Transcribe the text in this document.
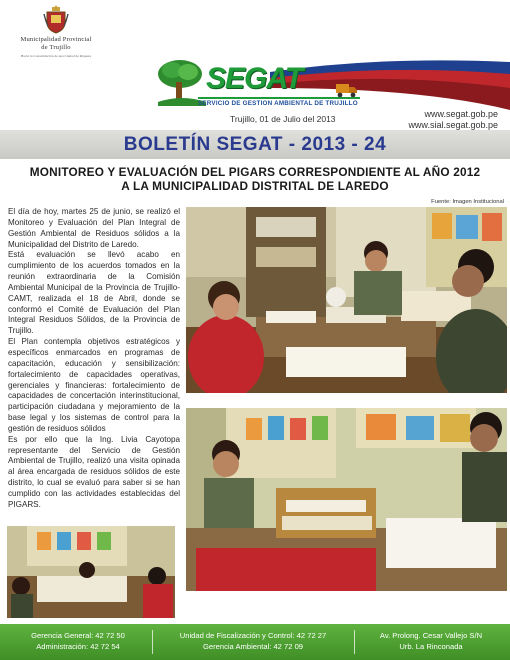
Municipalidad Provincial
de Trujillo
Hacia la Consolidación de una Ciudad de Riqueza
SEGAT
SERVICIO DE GESTION AMBIENTAL DE TRUJILLO
Trujillo, 01 de Julio del 2013	www.segat.gob.pe
www.sial.segat.gob.pe
BOLETÍN SEGAT - 2013 - 24
MONITOREO Y EVALUACIÓN DEL PIGARS CORRESPONDIENTE AL AÑO 2012
A LA MUNICIPALIDAD DISTRITAL DE LAREDO
Fuente: Imagen Institucional

El día de hoy, martes 25 de junio, se realizó el Monitoreo y Evaluación del Plan Integral de Gestión Ambiental de Residuos sólidos a la Municipalidad del Distrito de Laredo.

Está evaluación se llevó acabo en cumplimiento de los acuerdos tomados en la reunión extraordinaria de la Comisión Ambiental Municipal de la Provincia de Trujillo- CAMT, realizada el 18 de Abril, donde se conformó el Comité de Evaluación del Plan Integral Residuos Sólidos, de la Provincia de Trujillo.

El Plan contempla objetivos estratégicos y específicos enmarcados en programas de capacitación, educación y sensibilización: fortalecimiento de capacidades operativas, gerenciales y financieras: fortalecimiento de capacidades de concertación interinstitucional, participación ciudadana y mejoramiento de la base legal y los sistemas de control para la gestión de residuos sólidos

Es por ello que la Ing. Livia Cayotopa representante del Servicio de Gestión Ambiental de Trujillo, realizó una visita opinada al área encargada de residuos sólidos de este distrito, lo cual se evaluó para saber si se han cumplido con las actividades establecidas del PIGARS.

Gerencia General: 42 72 50
Administración: 42 72 54
Unidad de Fiscalización y Control: 42 72 27
Gerencia Ambiental: 42 72 09
Av. Prolong. Cesar Vallejo S/N
Urb. La Rinconada
